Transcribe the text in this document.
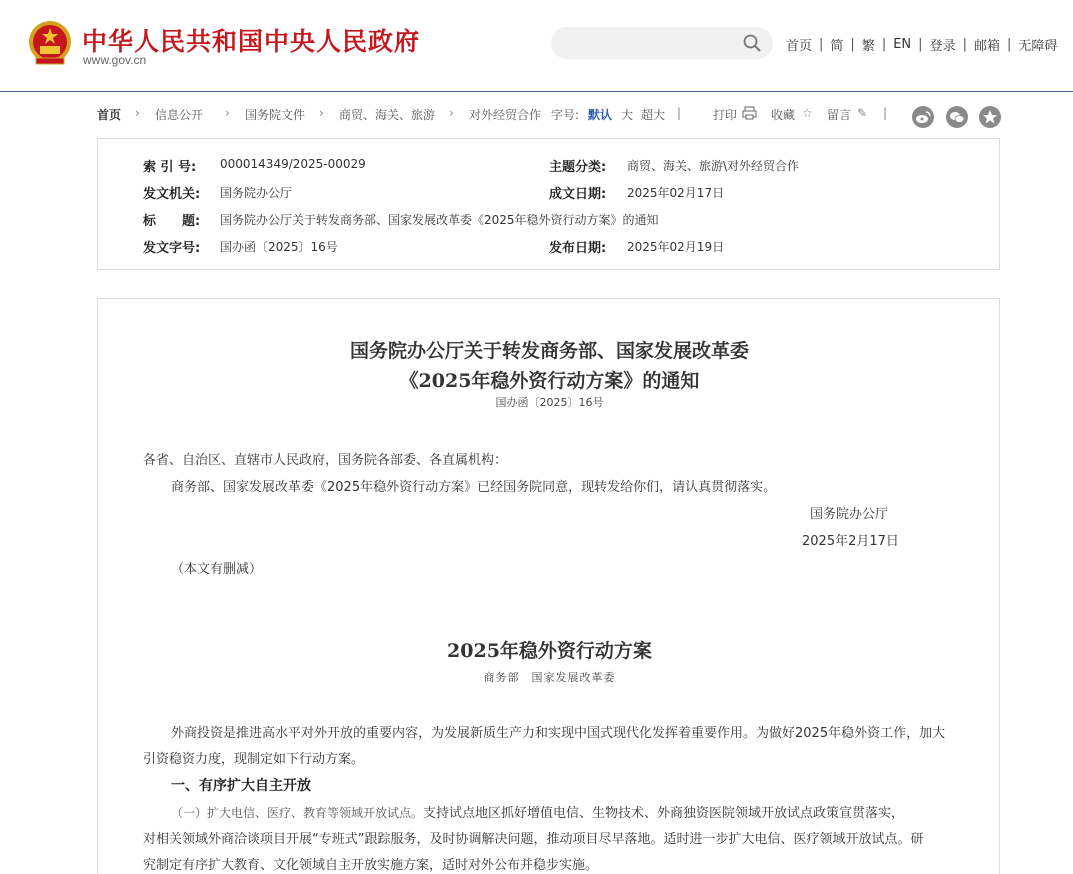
中华人民共和国中央人民政府
www.gov.cn
首页 | 简 | 繁 | EN | 登录 | 邮箱 | 无障碍
首页 › 信息公开 › 国务院文件 › 商贸、海关、旅游 › 对外经贸合作 字号: 默认 大 超大 |	打印	收藏 ☆ 留言 ✎ |
索 引 号: 000014349/2025-00029	主题分类: 商贸、海关、旅游\对外经贸合作
发文机关: 国务院办公厅	成文日期: 2025年02月17日
标　　题: 国务院办公厅关于转发商务部、国家发展改革委《2025年稳外资行动方案》的通知
发文字号: 国办函〔2025〕16号	发布日期: 2025年02月19日
国务院办公厅关于转发商务部、国家发展改革委
《2025年稳外资行动方案》的通知
国办函〔2025〕16号
各省、自治区、直辖市人民政府，国务院各部委、各直属机构：
商务部、国家发展改革委《2025年稳外资行动方案》已经国务院同意，现转发给你们，请认真贯彻落实。
国务院办公厅
2025年2月17日
（本文有删减）
2025年稳外资行动方案
商务部　国家发展改革委
外商投资是推进高水平对外开放的重要内容，为发展新质生产力和实现中国式现代化发挥着重要作用。为做好2025年稳外资工作，加大
引资稳资力度，现制定如下行动方案。
一、有序扩大自主开放
（一）扩大电信、医疗、教育等领域开放试点。支持试点地区抓好增值电信、生物技术、外商独资医院领域开放试点政策宣贯落实，
对相关领域外商洽谈项目开展“专班式”跟踪服务，及时协调解决问题，推动项目尽早落地。适时进一步扩大电信、医疗领域开放试点。研
究制定有序扩大教育、文化领域自主开放实施方案，适时对外公布并稳步实施。
